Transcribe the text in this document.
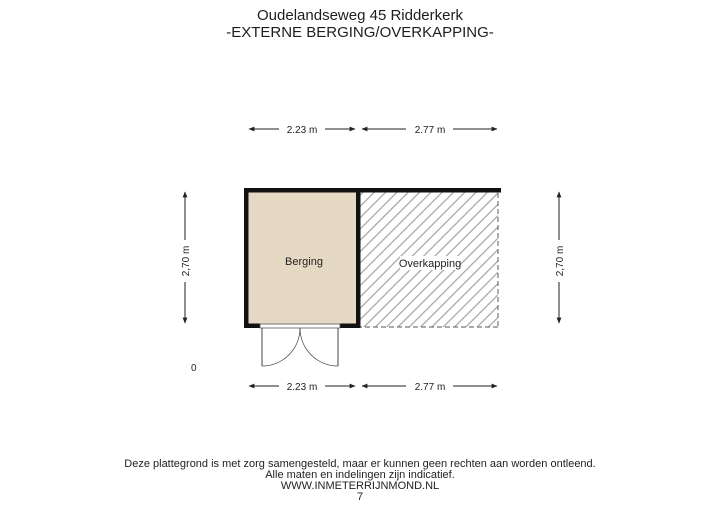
Oudelandseweg 45 Ridderkerk
-EXTERNE BERGING/OVERKAPPING-
2.23 m	2.77 m
2,70 m	2,70 m
Overkapping
Berging
0
2.23 m	2.77 m
Deze plattegrond is met zorg samengesteld, maar er kunnen geen rechten aan worden ontleend.
Alle maten en indelingen zijn indicatief.
WWW.INMETERRIJNMOND.NL
7
